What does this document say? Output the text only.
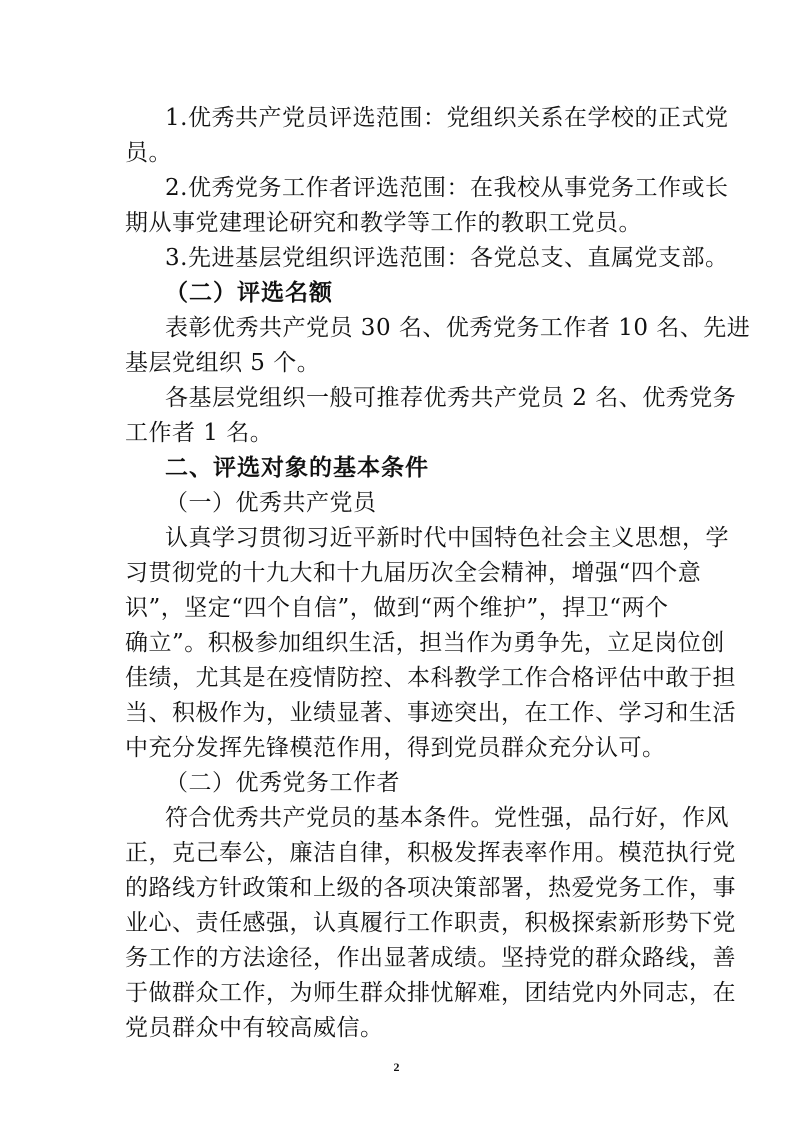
1.优秀共产党员评选范围：党组织关系在学校的正式党
员。
2.优秀党务工作者评选范围：在我校从事党务工作或长
期从事党建理论研究和教学等工作的教职工党员。
3.先进基层党组织评选范围：各党总支、直属党支部。
（二）评选名额
表彰优秀共产党员 30 名、优秀党务工作者 10 名、先进
基层党组织 5 个。
各基层党组织一般可推荐优秀共产党员 2 名、优秀党务
工作者 1 名。
二、评选对象的基本条件
（一）优秀共产党员
认真学习贯彻习近平新时代中国特色社会主义思想，学
习贯彻党的十九大和十九届历次全会精神，增强“四个意
识”，坚定“四个自信”，做到“两个维护”，捍卫“两个
确立”。积极参加组织生活，担当作为勇争先，立足岗位创
佳绩，尤其是在疫情防控、本科教学工作合格评估中敢于担
当、积极作为，业绩显著、事迹突出，在工作、学习和生活
中充分发挥先锋模范作用，得到党员群众充分认可。
（二）优秀党务工作者
符合优秀共产党员的基本条件。党性强，品行好，作风
正，克己奉公，廉洁自律，积极发挥表率作用。模范执行党
的路线方针政策和上级的各项决策部署，热爱党务工作，事
业心、责任感强，认真履行工作职责，积极探索新形势下党
务工作的方法途径，作出显著成绩。坚持党的群众路线，善
于做群众工作，为师生群众排忧解难，团结党内外同志，在
党员群众中有较高威信。
2
